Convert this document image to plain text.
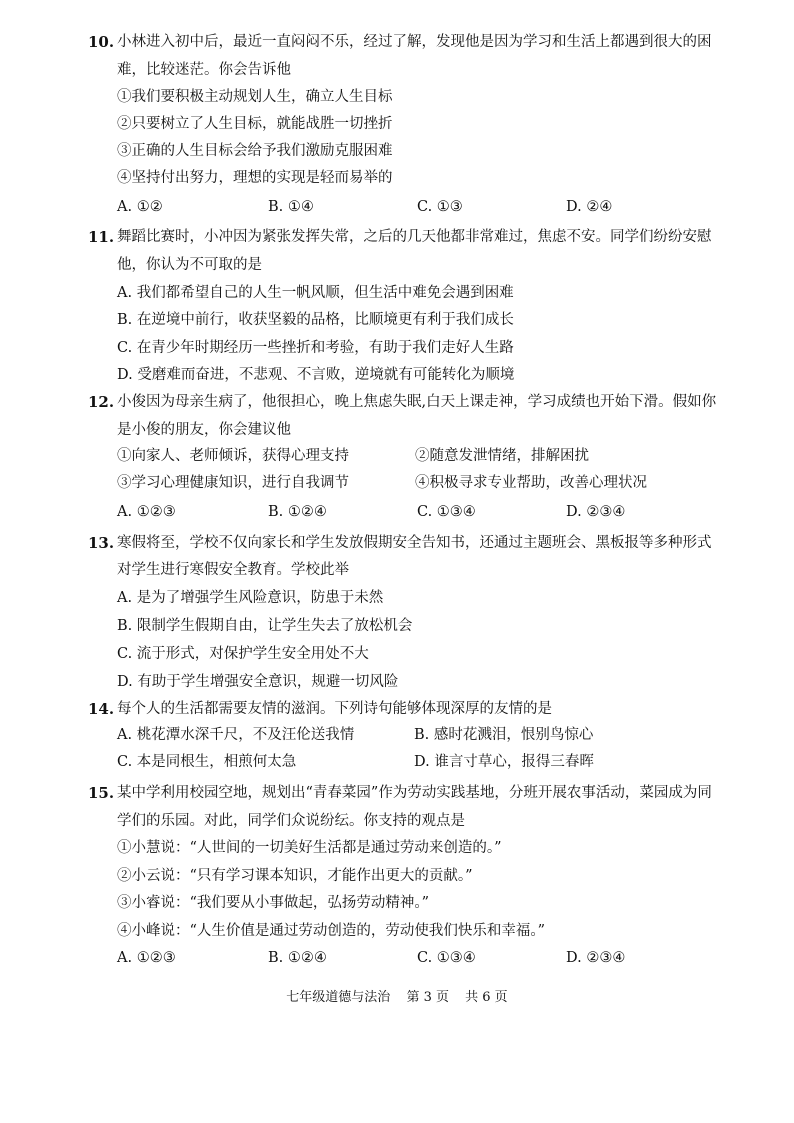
10. 小林进入初中后，最近一直闷闷不乐，经过了解，发现他是因为学习和生活上都遇到很大的困
难，比较迷茫。你会告诉他
①我们要积极主动规划人生，确立人生目标
②只要树立了人生目标，就能战胜一切挫折
③正确的人生目标会给予我们激励克服困难
④坚持付出努力，理想的实现是轻而易举的
A. ①②	B. ①④	C. ①③	D. ②④
11. 舞蹈比赛时，小冲因为紧张发挥失常，之后的几天他都非常难过，焦虑不安。同学们纷纷安慰
他，你认为不可取的是
A. 我们都希望自己的人生一帆风顺，但生活中难免会遇到困难
B. 在逆境中前行，收获坚毅的品格，比顺境更有利于我们成长
C. 在青少年时期经历一些挫折和考验，有助于我们走好人生路
D. 受磨难而奋进，不悲观、不言败，逆境就有可能转化为顺境
12. 小俊因为母亲生病了，他很担心，晚上焦虑失眠,白天上课走神，学习成绩也开始下滑。假如你
是小俊的朋友，你会建议他
①向家人、老师倾诉，获得心理支持	②随意发泄情绪，排解困扰
③学习心理健康知识，进行自我调节	④积极寻求专业帮助，改善心理状况
A. ①②③	B. ①②④	C. ①③④	D. ②③④
13. 寒假将至，学校不仅向家长和学生发放假期安全告知书，还通过主题班会、黑板报等多种形式
对学生进行寒假安全教育。学校此举
A. 是为了增强学生风险意识，防患于未然
B. 限制学生假期自由，让学生失去了放松机会
C. 流于形式，对保护学生安全用处不大
D. 有助于学生增强安全意识，规避一切风险
14. 每个人的生活都需要友情的滋润。下列诗句能够体现深厚的友情的是
A. 桃花潭水深千尺，不及汪伦送我情	B. 感时花溅泪，恨别鸟惊心
C. 本是同根生，相煎何太急	D. 谁言寸草心，报得三春晖
15. 某中学利用校园空地，规划出“青春菜园”作为劳动实践基地，分班开展农事活动，菜园成为同
学们的乐园。对此，同学们众说纷纭。你支持的观点是
①小慧说：“人世间的一切美好生活都是通过劳动来创造的。”
②小云说：“只有学习课本知识，才能作出更大的贡献。”
③小睿说：“我们要从小事做起，弘扬劳动精神。”
④小峰说：“人生价值是通过劳动创造的，劳动使我们快乐和幸福。”
A. ①②③	B. ①②④	C. ①③④	D. ②③④
七年级道德与法治 第 3 页 共 6 页
